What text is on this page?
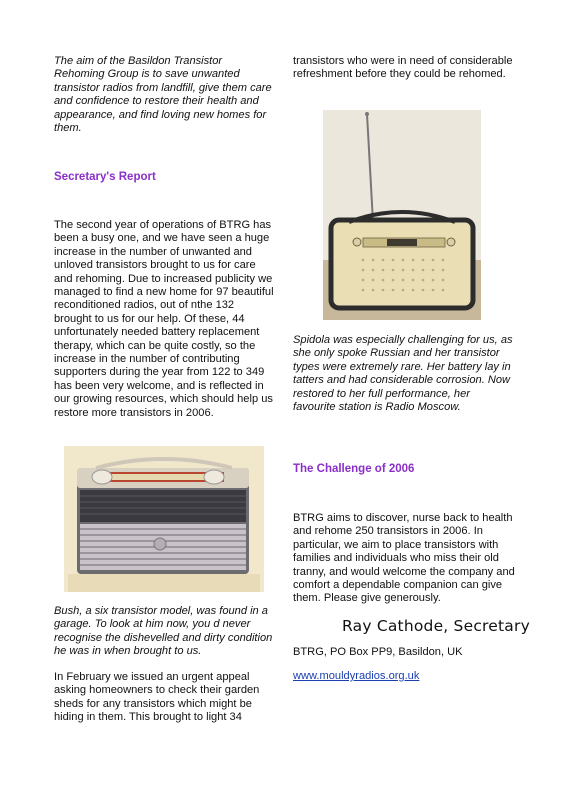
The aim of the Basildon Transistor Rehoming Group is to save unwanted transistor radios from landfill, give them care and confidence to restore their health and appearance, and find loving new homes for them.
Secretary's Report
The second year of operations of BTRG has been a busy one, and we have seen a huge increase in the number of unwanted and unloved transistors brought to us for care and rehoming. Due to increased publicity we managed to find a new home for 97 beautiful reconditioned radios, out of nthe 132 brought to us for our help. Of these, 44 unfortunately needed battery replacement therapy, which can be quite costly, so the increase in the number of contributing supporters during the year from 122 to 349 has been very welcome, and is reflected in our growing resources, which should help us restore more transistors in 2006.
Bush, a six transistor model, was found in a garage. To look at him now, you d never recognise the dishevelled and dirty condition he was in when brought to us.
In February we issued an urgent appeal asking homeowners to check their garden sheds for any transistors which might be hiding in them. This brought to light 34
transistors who were in need of considerable refreshment before they could be rehomed.
Spidola was especially challenging for us, as she only spoke Russian and her transistor types were extremely rare. Her battery lay in tatters and had considerable corrosion. Now restored to her full performance, her favourite station is Radio Moscow.
The Challenge of 2006
BTRG aims to discover, nurse back to health and rehome 250 transistors in 2006. In particular, we aim to place transistors with families and individuals who miss their old tranny, and would welcome the company and comfort a dependable companion can give them. Please give generously.
Ray Cathode, Secretary
BTRG, PO Box PP9, Basildon, UK
www.mouldyradios.org.uk
